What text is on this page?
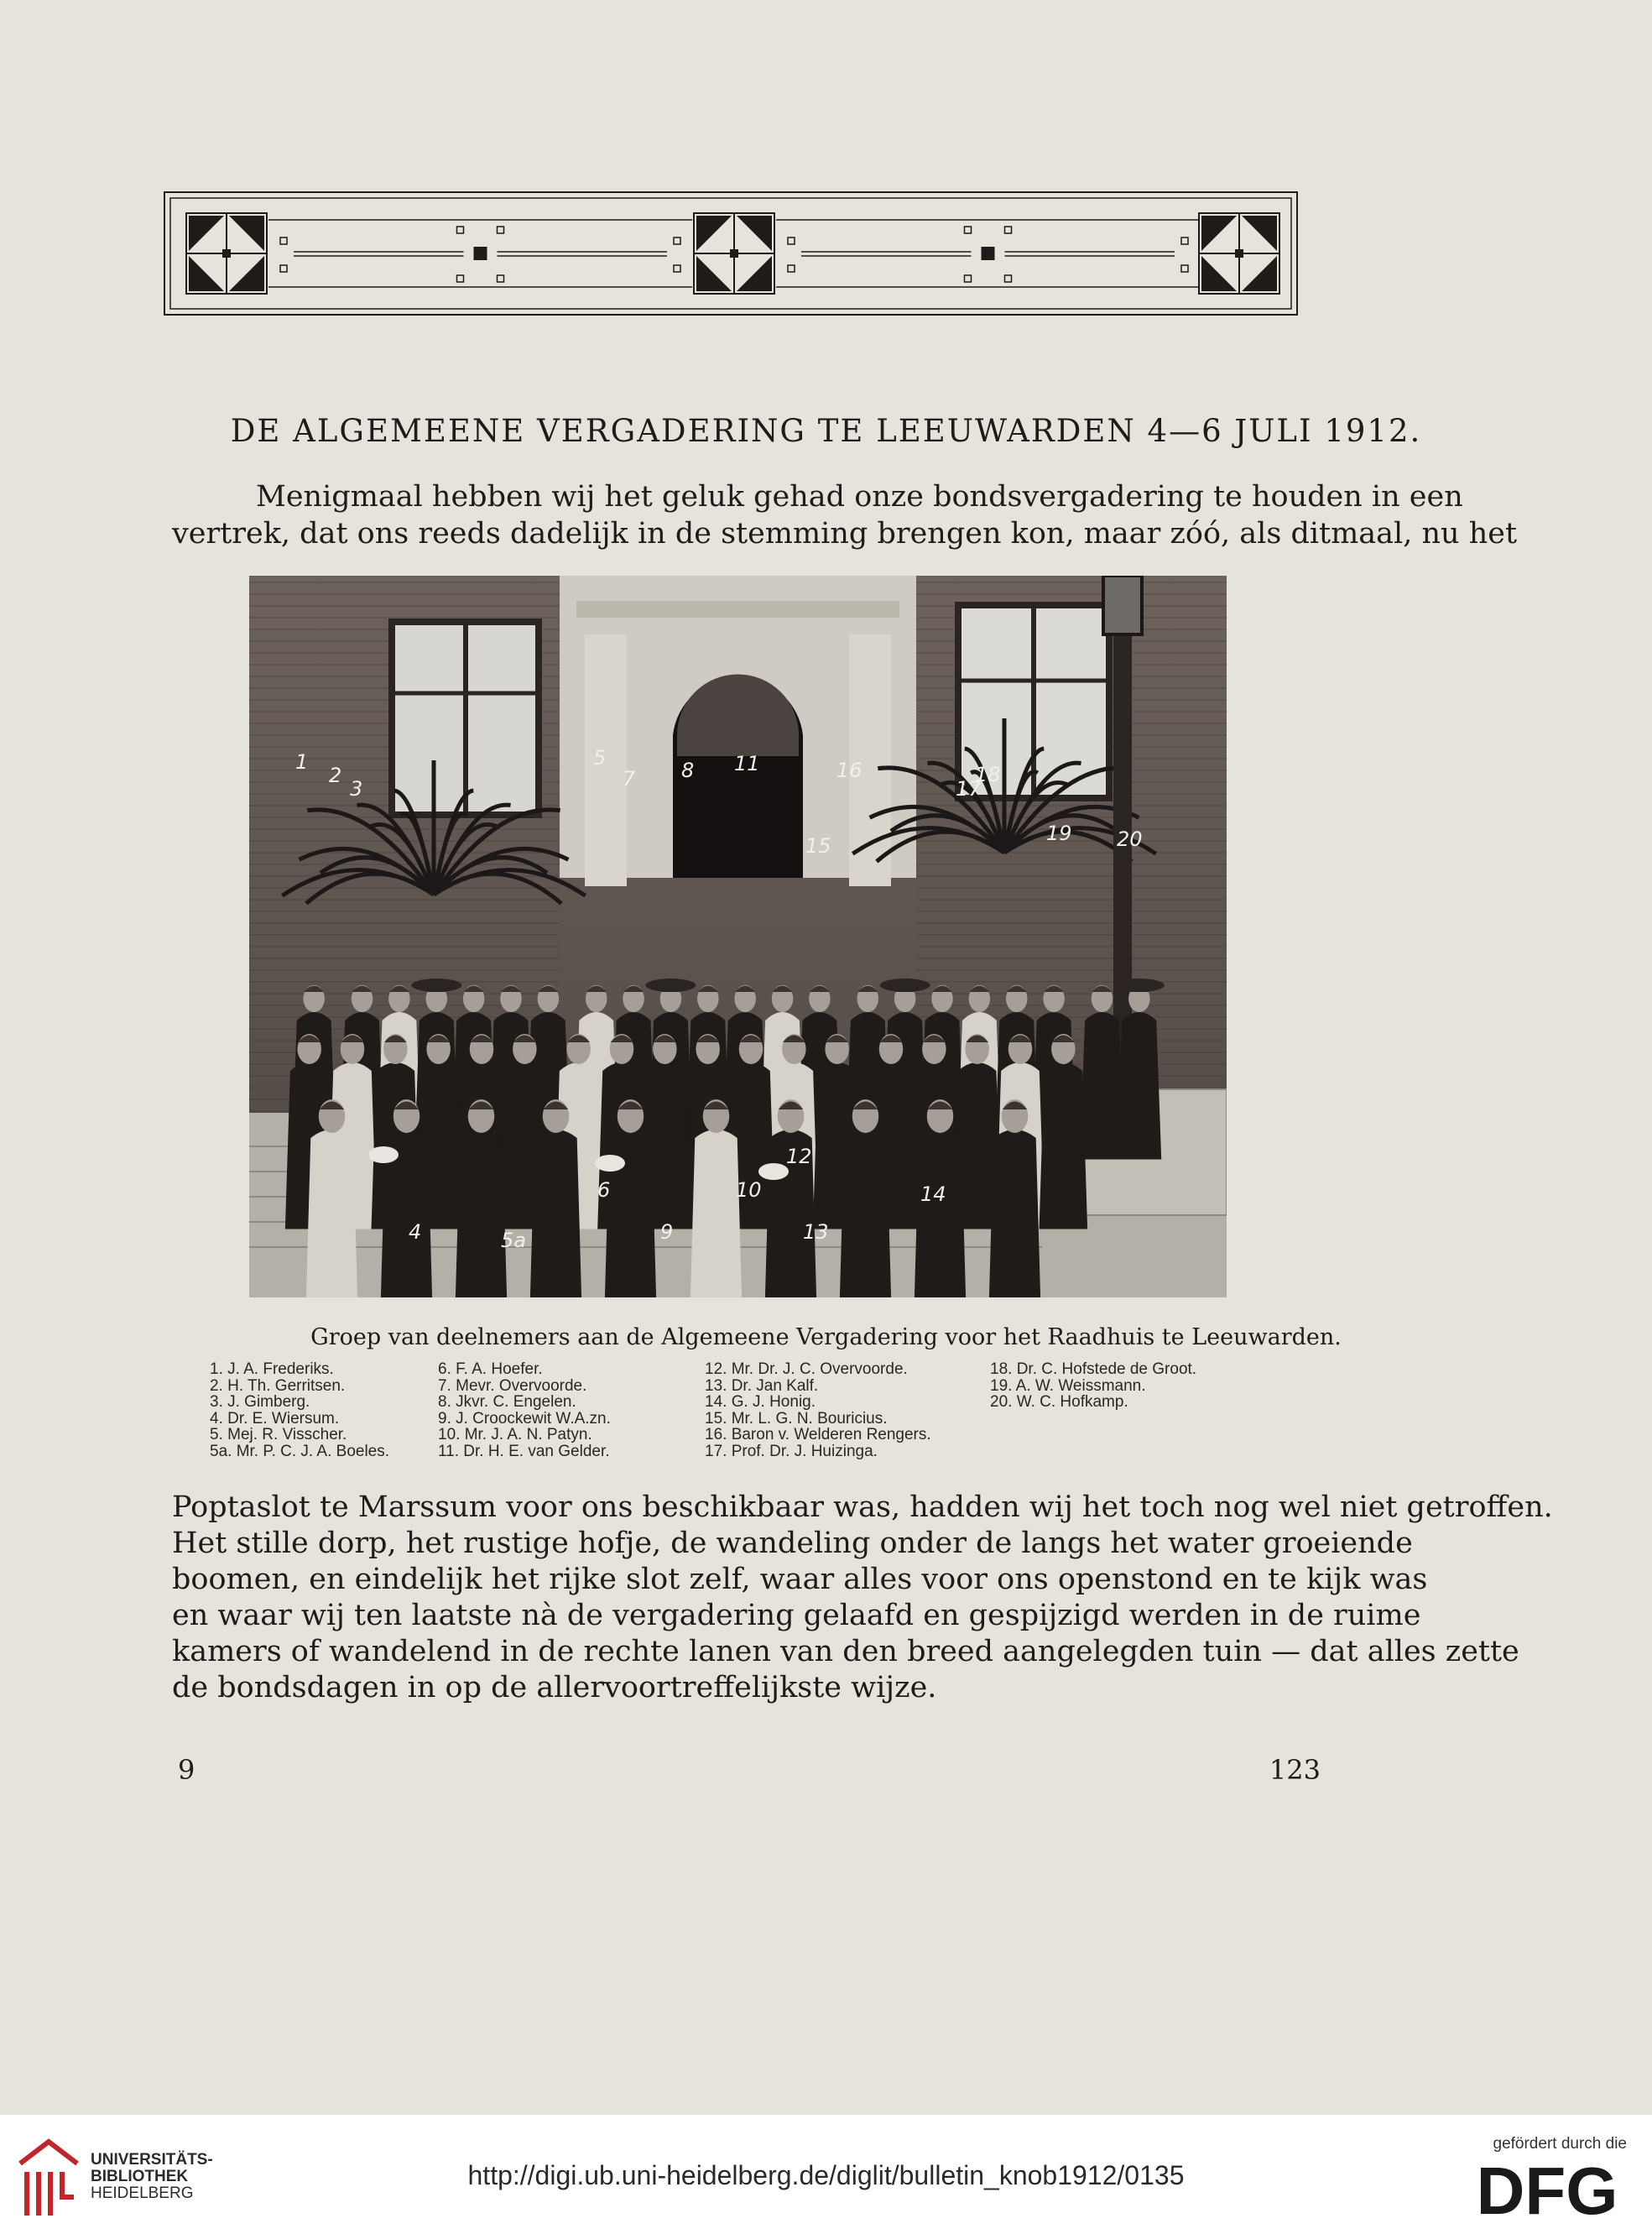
DE ALGEMEENE VERGADERING TE LEEUWARDEN 4—6 JULI 1912.
Menigmaal hebben wij het geluk gehad onze bondsvergadering te houden in een
vertrek, dat ons reeds dadelijk in de stemming brengen kon, maar zóó, als ditmaal, nu het
1
2
3
5
7 8 11
15
16
17
18
19 20
4	5a
6
9
10
12
13
14
Groep van deelnemers aan de Algemeene Vergadering voor het Raadhuis te Leeuwarden.
1. J. A. Frederiks.
2. H. Th. Gerritsen.
3. J. Gimberg.
4. Dr. E. Wiersum.
5. Mej. R. Visscher.
5a. Mr. P. C. J. A. Boeles.
6. F. A. Hoefer.
7. Mevr. Overvoorde.
8. Jkvr. C. Engelen.
9. J. Croockewit W.A.zn.
10. Mr. J. A. N. Patyn.
11. Dr. H. E. van Gelder.
12. Mr. Dr. J. C. Overvoorde.
13. Dr. Jan Kalf.
14. G. J. Honig.
15. Mr. L. G. N. Bouricius.
16. Baron v. Welderen Rengers.
17. Prof. Dr. J. Huizinga.
18. Dr. C. Hofstede de Groot.
19. A. W. Weissmann.
20. W. C. Hofkamp.
Poptaslot te Marssum voor ons beschikbaar was, hadden wij het toch nog wel niet getroffen.
Het stille dorp, het rustige hofje, de wandeling onder de langs het water groeiende
boomen, en eindelijk het rijke slot zelf, waar alles voor ons openstond en te kijk was
en waar wij ten laatste nà de vergadering gelaafd en gespijzigd werden in de ruime
kamers of wandelend in de rechte lanen van den breed aangelegden tuin — dat alles zette
de bondsdagen in op de allervoortreffelijkste wijze.
9	123
UNIVERSITÄTS-
BIBLIOTHEK
HEIDELBERG
http://digi.ub.uni-heidelberg.de/diglit/bulletin_knob1912/0135
gefördert durch die
DFG
